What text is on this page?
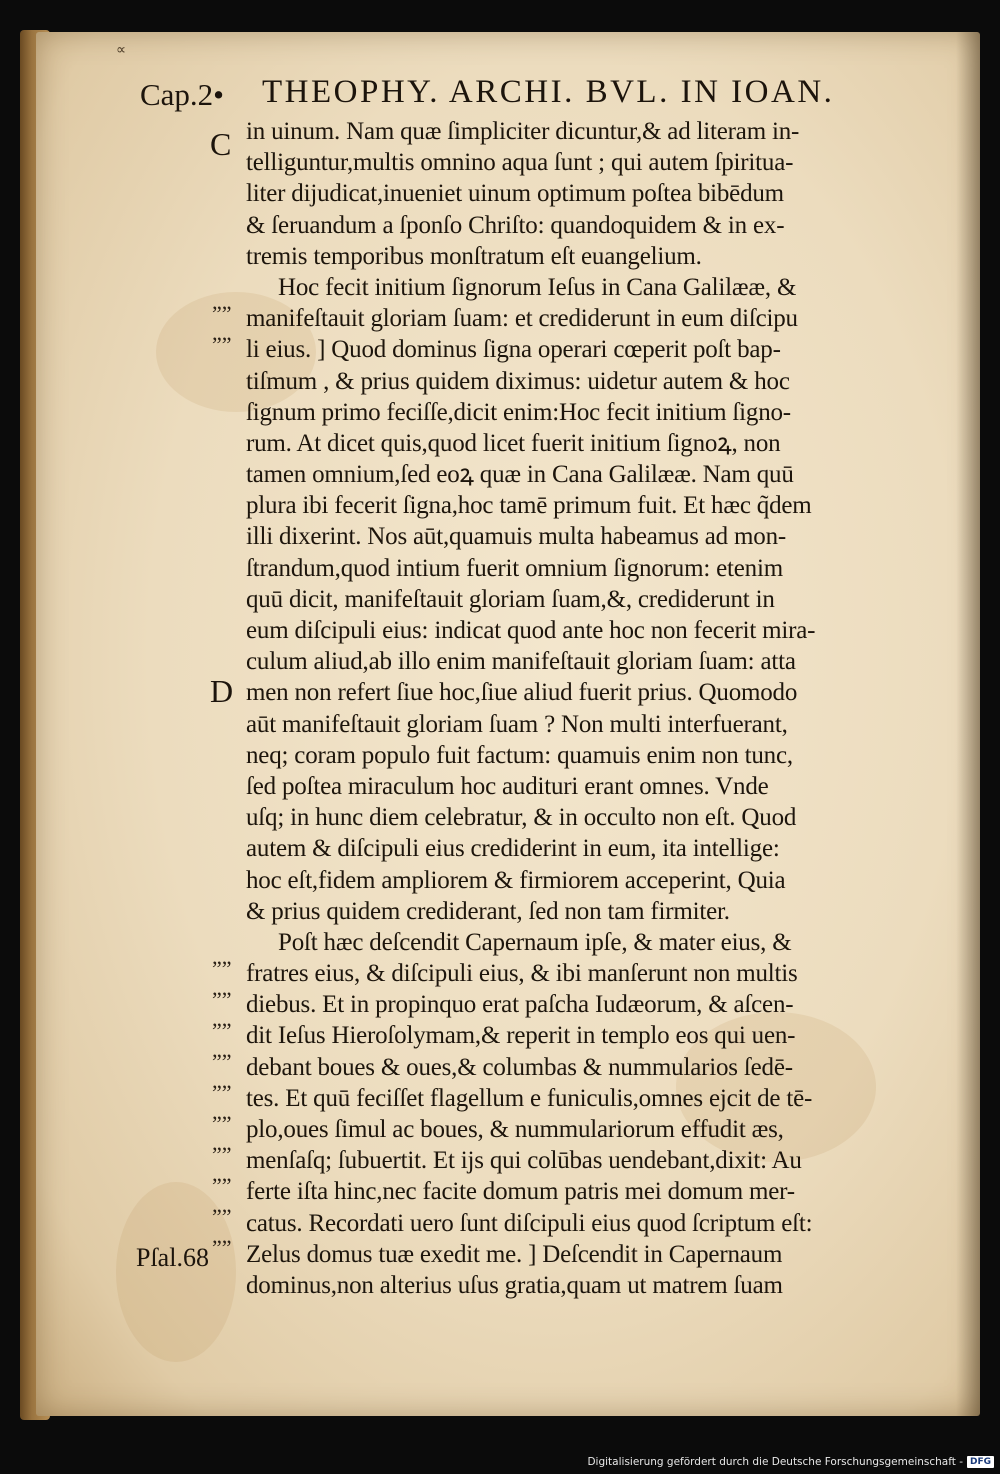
∝
Cap.2• THEOPHY. ARCHI. BVL. IN IOAN.
C
D
„„
„„
„„
„„
„„
„„
„„
„„
„„
„„
„„
„„
Pſal.68
in uinum. Nam quæ ſimpliciter dicuntur,& ad literam in-
telliguntur,multis omnino aqua ſunt ; qui autem ſpiritua-
liter dijudicat,inueniet uinum optimum poſtea bibēdum
& ſeruandum a ſponſo Chriſto: quandoquidem & in ex-
tremis temporibus monſtratum eſt euangelium.
Hoc fecit initium ſignorum Ieſus in Cana Galilææ, &
manifeſtauit gloriam ſuam: et crediderunt in eum diſcipu
li eius. ] Quod dominus ſigna operari cœperit poſt bap-
tiſmum , & prius quidem diximus: uidetur autem & hoc
ſignum primo feciſſe,dicit enim:Hoc fecit initium ſigno-
rum. At dicet quis,quod licet fuerit initium ſignoꝝ, non
tamen omnium,ſed eoꝝ quæ in Cana Galilææ. Nam quū
plura ibi fecerit ſigna,hoc tamē primum fuit. Et hæc q̃dem
illi dixerint. Nos aūt,quamuis multa habeamus ad mon-
ſtrandum,quod intium fuerit omnium ſignorum: etenim
quū dicit, manifeſtauit gloriam ſuam,&, crediderunt in
eum diſcipuli eius: indicat quod ante hoc non fecerit mira-
culum aliud,ab illo enim manifeſtauit gloriam ſuam: atta
men non refert ſiue hoc,ſiue aliud fuerit prius. Quomodo
aūt manifeſtauit gloriam ſuam ? Non multi interfuerant,
neq; coram populo fuit factum: quamuis enim non tunc,
ſed poſtea miraculum hoc audituri erant omnes. Vnde
uſq; in hunc diem celebratur, & in occulto non eſt. Quod
autem & diſcipuli eius crediderint in eum, ita intellige:
hoc eſt,fidem ampliorem & firmiorem acceperint, Quia
& prius quidem crediderant, ſed non tam firmiter.
Poſt hæc deſcendit Capernaum ipſe, & mater eius, &
fratres eius, & diſcipuli eius, & ibi manſerunt non multis
diebus. Et in propinquo erat paſcha Iudæorum, & aſcen-
dit Ieſus Hieroſolymam,& reperit in templo eos qui uen-
debant boues & oues,& columbas & nummularios ſedē-
tes. Et quū feciſſet flagellum e funiculis,omnes ejcit de tē-
plo,oues ſimul ac boues, & nummulariorum effudit æs,
menſaſq; ſubuertit. Et ijs qui colūbas uendebant,dixit: Au
ferte iſta hinc,nec facite domum patris mei domum mer-
catus. Recordati uero ſunt diſcipuli eius quod ſcriptum eſt:
Zelus domus tuæ exedit me. ] Deſcendit in Capernaum
dominus,non alterius uſus gratia,quam ut matrem ſuam
Digitalisierung gefördert durch die Deutsche Forschungsgemeinschaft - DFG
